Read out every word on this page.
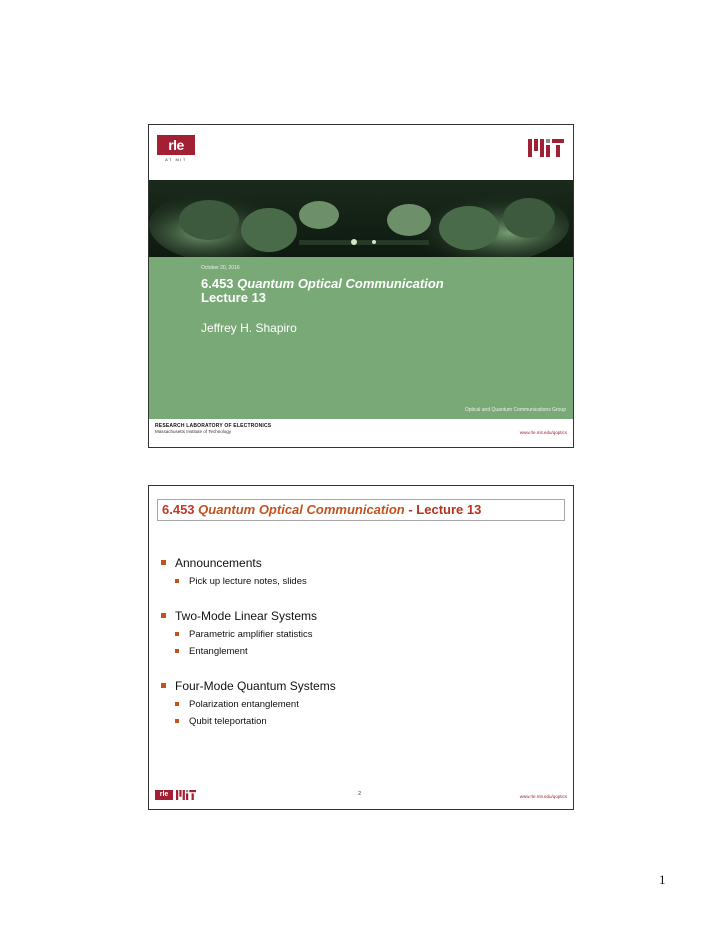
rle
AT MIT
October 20, 2016
6.453 Quantum Optical Communication
Lecture 13
Jeffrey H. Shapiro
Optical and Quantum Communications Group
RESEARCH LABORATORY OF ELECTRONICS
Massachusetts Institute of Technology	www.rle.mit.edu/qoptics
6.453 Quantum Optical Communication - Lecture 13
Announcements
Pick up lecture notes, slides
Two-Mode Linear Systems
Parametric amplifier statistics
Entanglement
Four-Mode Quantum Systems
Polarization entanglement
Qubit teleportation
rle	2	www.rle.mit.edu/qoptics
1
